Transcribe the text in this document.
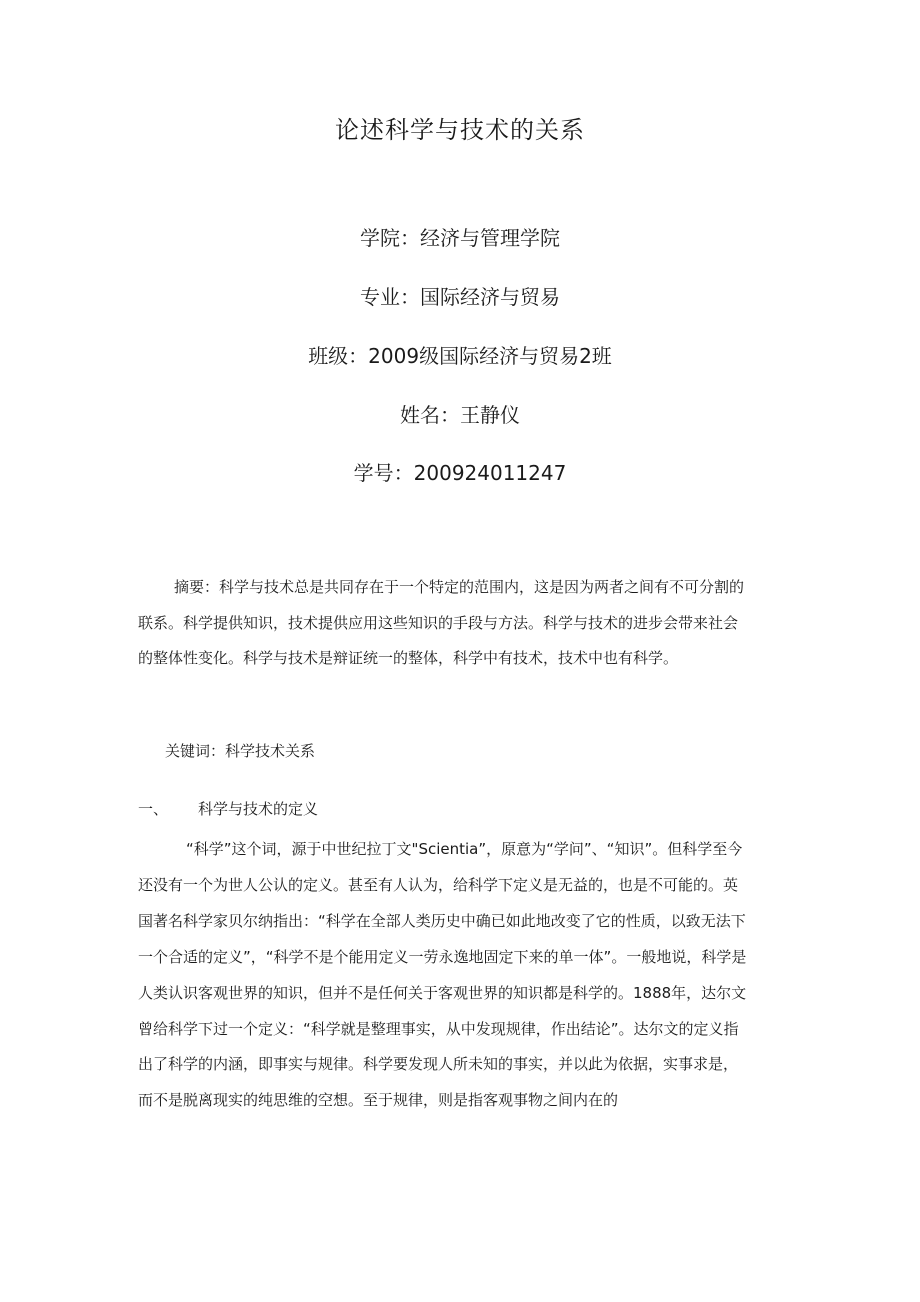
论述科学与技术的关系
学院：经济与管理学院
专业：国际经济与贸易
班级：2009级国际经济与贸易2班
姓名：王静仪
学号：200924011247

摘要：科学与技术总是共同存在于一个特定的范围内，这是因为两者之间有不可分割的联系。科学提供知识，技术提供应用这些知识的手段与方法。科学与技术的进步会带来社会的整体性变化。科学与技术是辩证统一的整体，科学中有技术，技术中也有科学。

关键词：科学技术关系
一、 科学与技术的定义

“科学”这个词，源于中世纪拉丁文"Scientia”，原意为“学问”、“知识”。但科学至今还没有一个为世人公认的定义。甚至有人认为，给科学下定义是无益的，也是不可能的。英国著名科学家贝尔纳指出：“科学在全部人类历史中确已如此地改变了它的性质，以致无法下一个合适的定义”，“科学不是个能用定义一劳永逸地固定下来的单一体”。一般地说，科学是人类认识客观世界的知识，但并不是任何关于客观世界的知识都是科学的。1888年，达尔文曾给科学下过一个定义：“科学就是整理事实，从中发现规律，作出结论”。达尔文的定义指出了科学的内涵，即事实与规律。科学要发现人所未知的事实，并以此为依据，实事求是，而不是脱离现实的纯思维的空想。至于规律，则是指客观事物之间内在的
